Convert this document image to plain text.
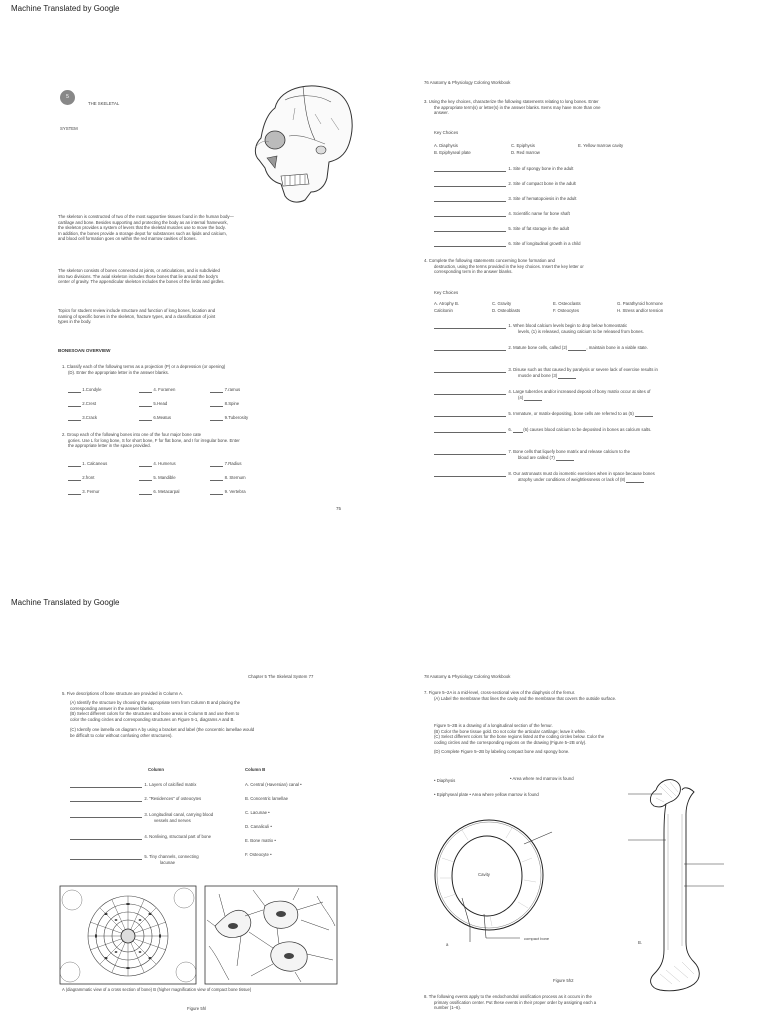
Machine Translated by Google
5
THE SKELETAL
SYSTEM
The skeleton is constructed of two of the most supportive tissues found in the human body—
cartilage and bone. Besides supporting and protecting the body as an internal framework,
the skeleton provides a system of levers that the skeletal muscles use to move the body.
In addition, the bones provide a storage depot for substances such as lipids and calcium,
and blood cell formation goes on within the red marrow cavities of bones.
The skeleton consists of bones connected at joints, or articulations, and is subdivided
into two divisions. The axial skeleton includes those bones that lie around the body's
center of gravity. The appendicular skeleton includes the bones of the limbs and girdles.
Topics for student review include structure and function of long bones, location and
naming of specific bones in the skeleton, fracture types, and a classification of joint
types in the body.
BONESOAN OVERVIEW
1. Classify each of the following terms as a projection (P) or a depression (or opening)
(D). Enter the appropriate letter in the answer blanks.
1.Condyle	4. Foramen	7.ramus
2.Crest	5.Head	8.Spine
3.Crack	6.Meatus	9.Tuberosity
2. Group each of the following bones into one of the four major bone cate
gories. Use L for long bone, S for short bone, F for flat bone, and I for irregular bone. Enter
the appropriate letter in the space provided.
1. Calcaneus	4. Humerus	7.Radius
2.front	5. Mandible	8. Sternum
3. Femur	6. Metacarpal	9. Vertebra
75
76 Anatomy & Physiology Coloring Workbook
3. Using the key choices, characterize the following statements relating to long bones. Enter
the appropriate term(s) or letter(s) in the answer blanks. Items may have more than one
answer.
Key Choices
A. Diaphysis
B. Epiphyseal plate
C. Epiphysis
D. Red marrow
E. Yellow marrow cavity
1. Site of spongy bone in the adult
2. Site of compact bone in the adult
3. Site of hematopoiesis in the adult
4. Scientific name for bone shaft
5. Site of fat storage in the adult
6. Site of longitudinal growth in a child
4. Complete the following statements concerning bone formation and
destruction, using the terms provided in the key choices. Insert the key letter or
corresponding term in the answer blanks.
Key Choices
A. Atrophy B.
Calcitonin
C. Gravity
D. Osteoblasts
E. Osteoclasts
F. Osteocytes
G. Parathyroid hormone
H. Stress and/or tension
1. When blood calcium levels begin to drop below homeostatic
levels, (1) is released, causing calcium to be released from bones.
2. Mature bone cells, called (2)	, maintain bone in a viable state.
3. Disuse such as that caused by paralysis or severe lack of exercise results in
muscle and bone (3)
4. Large tubercles and/or increased deposit of bony matrix occur at sites of
(4)
5. Immature, or matrix-depositing, bone cells are referred to as (5)
6.	(6) causes blood calcium to be deposited in bones as calcium salts.
7. Bone cells that liquefy bone matrix and release calcium to the
blood are called (7)
8. Our astronauts must do isometric exercises when in space because bones
atrophy under conditions of weightlessness or lack of (8)
Machine Translated by Google
Chapter 5 The Skeletal System 77
5. Five descriptions of bone structure are provided in Column A.
(A) Identify the structure by choosing the appropriate term from Column B and placing the
corresponding answer in the answer blanks.
(B) Select different colors for the structures and bone areas in Column B and use them to
color the coding circles and corresponding structures on Figure 5-1, diagrams A and B.
(C) Identify one lamella on diagram A by using a bracket and label (the concentric lamellae would
be difficult to color without confusing other structures).
Column	Column B
1. Layers of calcified matrix
2. "Residences" of osteocytes
3. Longitudinal canal, carrying blood
vessels and nerves
4. Nonliving, structural part of bone
5. Tiny channels, connecting
lacunae
A. Central (Haversian) canal •
B. Concentric lamellae
C. Lacunae •
D. Canaliculi •
E. Bone matrix •
F. Osteocyte •
A (diagrammatic view of a cross section of bone) B (higher magnification view of compact bone tissue)
Figure 5hl
78 Anatomy & Physiology Coloring Workbook
7. Figure 5–2A is a mid-level, cross-sectional view of the diaphysis of the femur.
(A) Label the membrane that lines the cavity and the membrane that covers the outside surface.
Figure 5–2B is a drawing of a longitudinal section of the femur.
(B) Color the bone tissue gold. Do not color the articular cartilage; leave it white.
(C) Select different colors for the bone regions listed at the coding circles below. Color the
coding circles and the corresponding regions on the drawing (Figure 5–2B only).
(D) Complete Figure 5–2B by labeling compact bone and spongy bone.
• Diaphysis	• Area where red marrow is found
• Epiphyseal plate • Area where yellow marrow is found
Cavity
compact bone
a	B.
Figure 5h2
8. The following events apply to the endochondral ossification process as it occurs in the
primary ossification center. Put these events in their proper order by assigning each a
number (1–6).
